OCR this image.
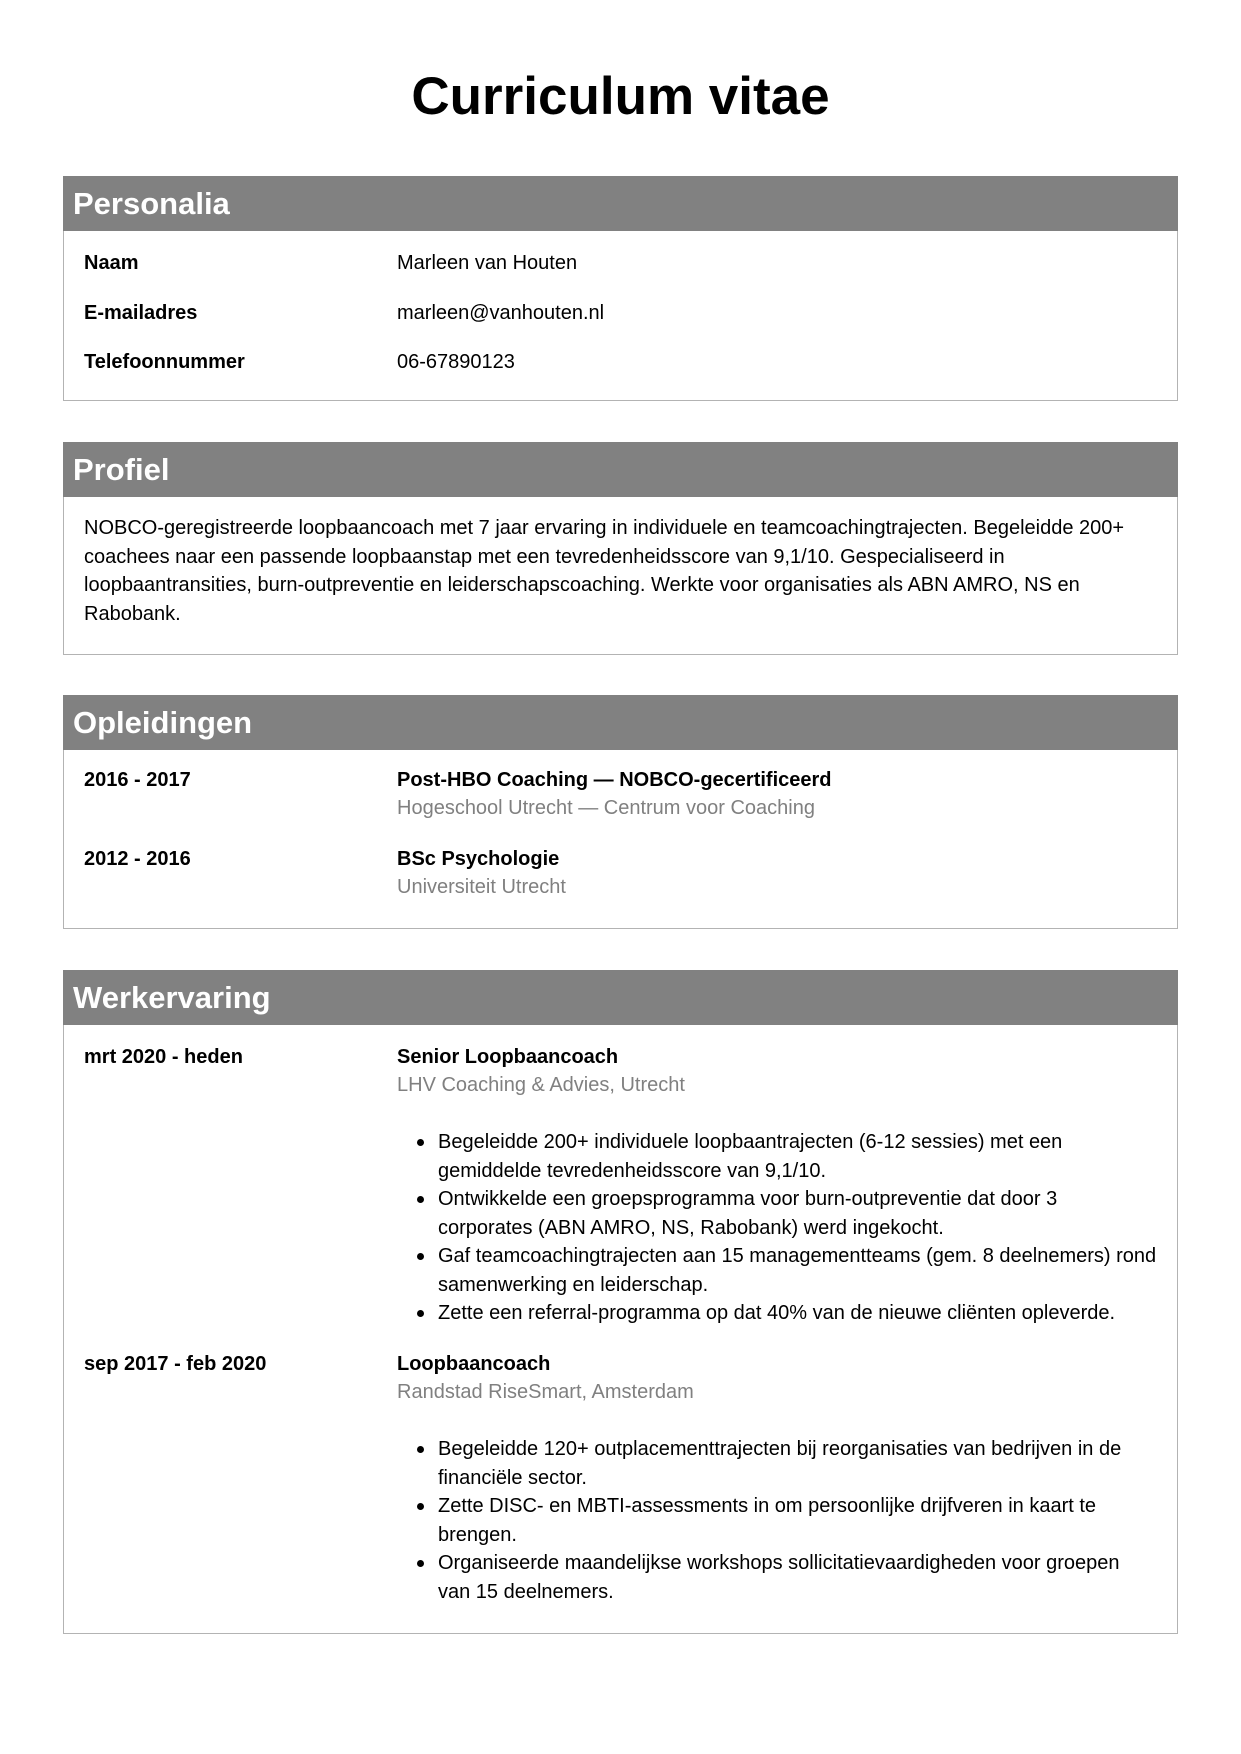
Curriculum vitae
Personalia
Naam	Marleen van Houten
E-mailadres	marleen@vanhouten.nl
Telefoonnummer	06-67890123
Profiel

NOBCO-geregistreerde loopbaancoach met 7 jaar ervaring in individuele en teamcoachingtrajecten. Begeleidde 200+ coachees naar een passende loopbaanstap met een tevredenheidsscore van 9,1/10. Gespecialiseerd in loopbaantransities, burn-outpreventie en leiderschapscoaching. Werkte voor organisaties als ABN AMRO, NS en Rabobank.

Opleidingen
2016 - 2017	Post-HBO Coaching — NOBCO-gecertificeerd
Hogeschool Utrecht — Centrum voor Coaching
2012 - 2016	BSc Psychologie
Universiteit Utrecht
Werkervaring
mrt 2020 - heden	Senior Loopbaancoach
LHV Coaching & Advies, Utrecht
Begeleidde 200+ individuele loopbaantrajecten (6-12 sessies) met een gemiddelde tevredenheidsscore van 9,1/10.
Ontwikkelde een groepsprogramma voor burn-outpreventie dat door 3 corporates (ABN AMRO, NS, Rabobank) werd ingekocht.
Gaf teamcoachingtrajecten aan 15 managementteams (gem. 8 deelnemers) rond samenwerking en leiderschap.
Zette een referral-programma op dat 40% van de nieuwe cliënten opleverde.
sep 2017 - feb 2020	Loopbaancoach
Randstad RiseSmart, Amsterdam
Begeleidde 120+ outplacementtrajecten bij reorganisaties van bedrijven in de financiële sector.
Zette DISC- en MBTI-assessments in om persoonlijke drijfveren in kaart te brengen.
Organiseerde maandelijkse workshops sollicitatievaardigheden voor groepen van 15 deelnemers.
